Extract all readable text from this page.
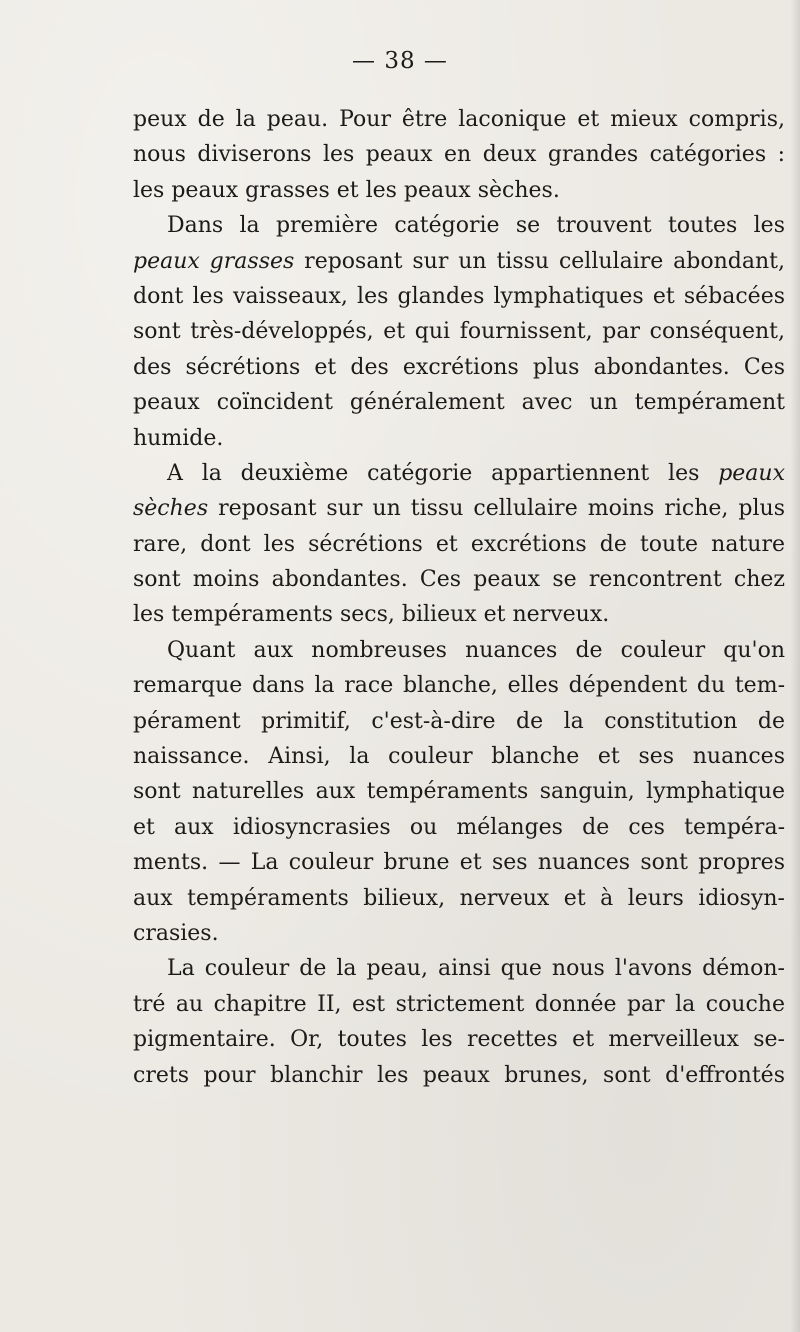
— 38 —
peux de la peau. Pour être laconique et mieux compris,
nous diviserons les peaux en deux grandes catégories :
les peaux grasses et les peaux sèches.
Dans la première catégorie se trouvent toutes les
peaux grasses reposant sur un tissu cellulaire abondant,
dont les vaisseaux, les glandes lymphatiques et sébacées
sont très-développés, et qui fournissent, par conséquent,
des sécrétions et des excrétions plus abondantes. Ces
peaux coïncident généralement avec un tempérament
humide.
A la deuxième catégorie appartiennent les peaux
sèches reposant sur un tissu cellulaire moins riche, plus
rare, dont les sécrétions et excrétions de toute nature
sont moins abondantes. Ces peaux se rencontrent chez
les tempéraments secs, bilieux et nerveux.
Quant aux nombreuses nuances de couleur qu'on
remarque dans la race blanche, elles dépendent du tem-
pérament primitif, c'est-à-dire de la constitution de
naissance. Ainsi, la couleur blanche et ses nuances
sont naturelles aux tempéraments sanguin, lymphatique
et aux idiosyncrasies ou mélanges de ces tempéra-
ments. — La couleur brune et ses nuances sont propres
aux tempéraments bilieux, nerveux et à leurs idiosyn-
crasies.
La couleur de la peau, ainsi que nous l'avons démon-
tré au chapitre II, est strictement donnée par la couche
pigmentaire. Or, toutes les recettes et merveilleux se-
crets pour blanchir les peaux brunes, sont d'effrontés
